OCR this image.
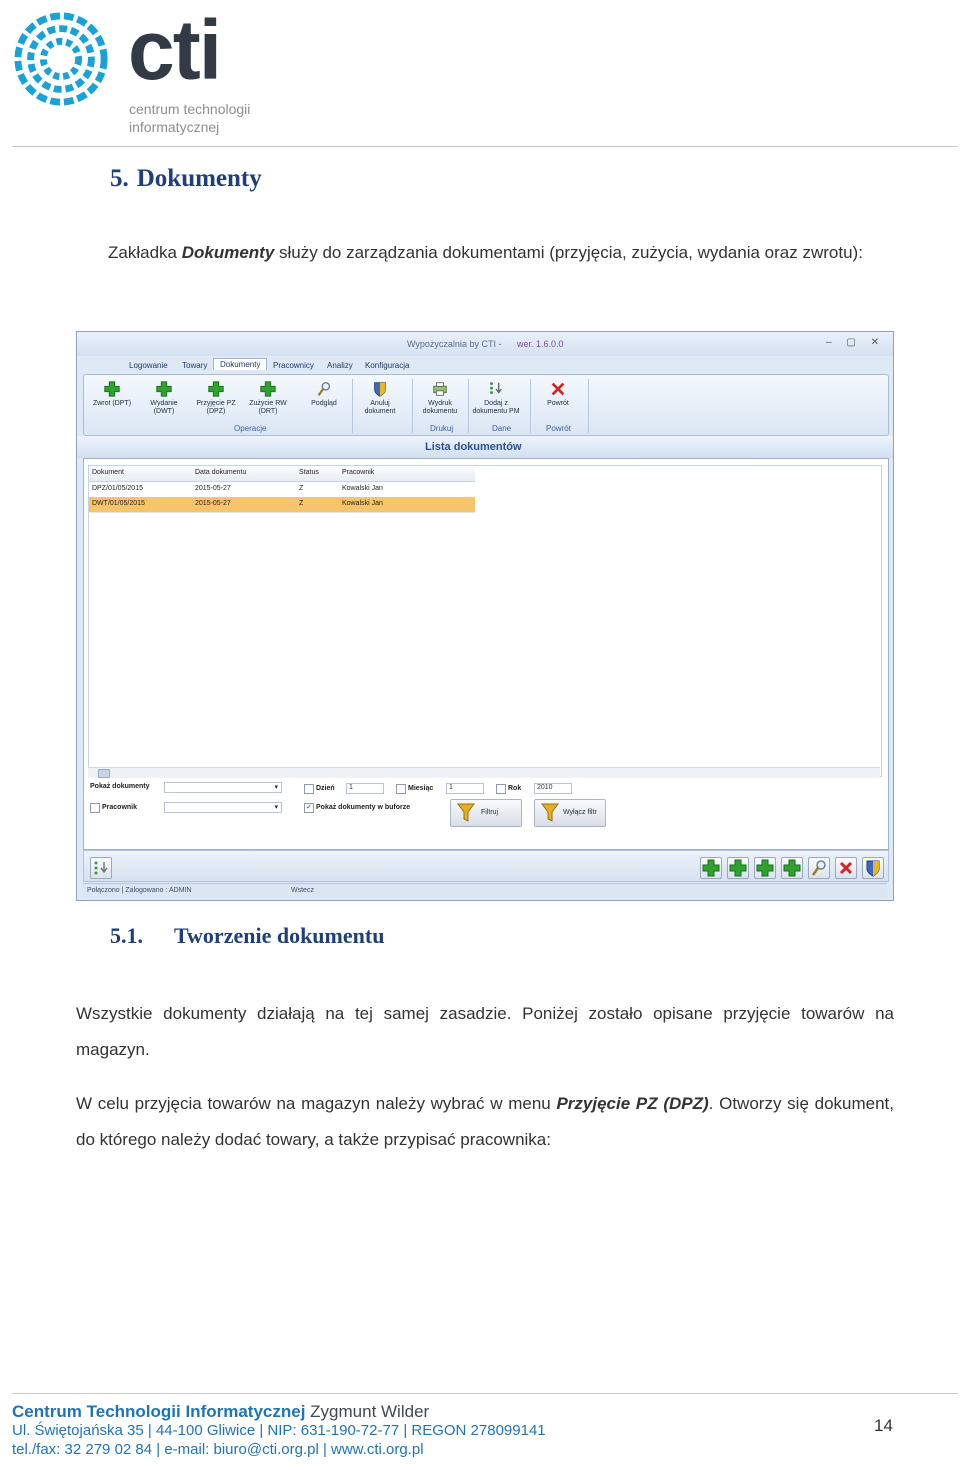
cti
centrum technologii
informatycznej
5. Dokumenty
Zakładka Dokumenty służy do zarządzania dokumentami (przyjęcia, zużycia, wydania oraz zwrotu):
Wypożyczalnia by CTI - wer. 1.6.0.0	– ▢ ✕
Logowanie Towary	Dokumenty	Pracownicy Analizy Konfiguracja
Zwrot (DPT)	Wydanie (DWT)
Przyjęcie PZ (DPZ)
Zużycie RW (DRT)
Podgląd	Anuluj dokument
Wydruk dokumentu
Dodaj z dokumentu PM
Powrót
Operacje	Drukuj	Dane	Powrót
Lista dokumentów
Dokument	Data dokumentu	Status	Pracownik
DPZ/01/05/2015	2015-05-27	Z	Kowalski Jan
DWT/01/05/2015	2015-05-27	Z	Kowalski Jan
Pokaż dokumenty	▾
Pracownik	▾
Dzień	1	Miesiąc	1	Rok	2010
✓ Pokaż dokumenty w buforze
Filtruj	Wyłącz filtr
Połączono | Zalogowano : ADMIN	Wstecz
5.1. Tworzenie dokumentu
Wszystkie dokumenty działają na tej samej zasadzie. Poniżej zostało opisane przyjęcie towarów na magazyn.
W celu przyjęcia towarów na magazyn należy wybrać w menu Przyjęcie PZ (DPZ). Otworzy się dokument, do którego należy dodać towary, a także przypisać pracownika:
Centrum Technologii Informatycznej Zygmunt Wilder
Ul. Świętojańska 35 | 44-100 Gliwice | NIP: 631-190-72-77 | REGON 278099141
tel./fax: 32 279 02 84 | e-mail: biuro@cti.org.pl | www.cti.org.pl
14
